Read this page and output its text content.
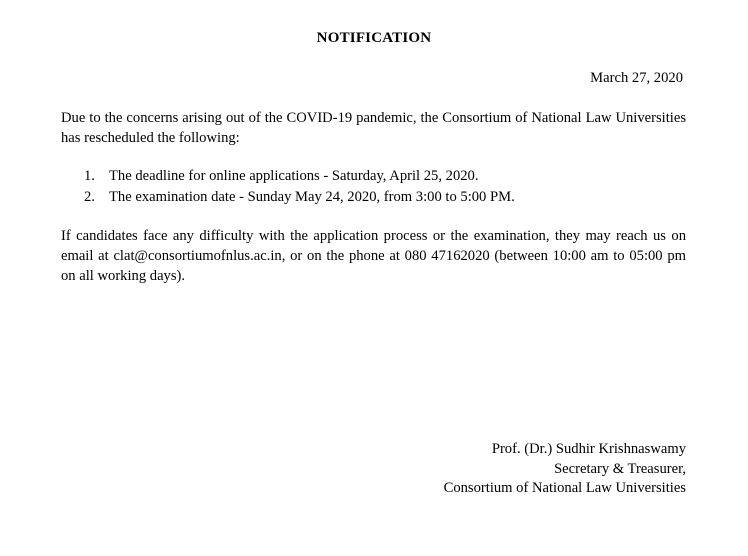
NOTIFICATION
March 27, 2020

Due to the concerns arising out of the COVID-19 pandemic, the Consortium of National Law Universities has rescheduled the following:

1. The deadline for online applications - Saturday, April 25, 2020.
2. The examination date - Sunday May 24, 2020, from 3:00 to 5:00 PM.

If candidates face any difficulty with the application process or the examination, they may reach us on email at clat@consortiumofnlus.ac.in, or on the phone at 080 47162020 (between 10:00 am to 05:00 pm on all working days).

Prof. (Dr.) Sudhir Krishnaswamy
Secretary & Treasurer,
Consortium of National Law Universities
